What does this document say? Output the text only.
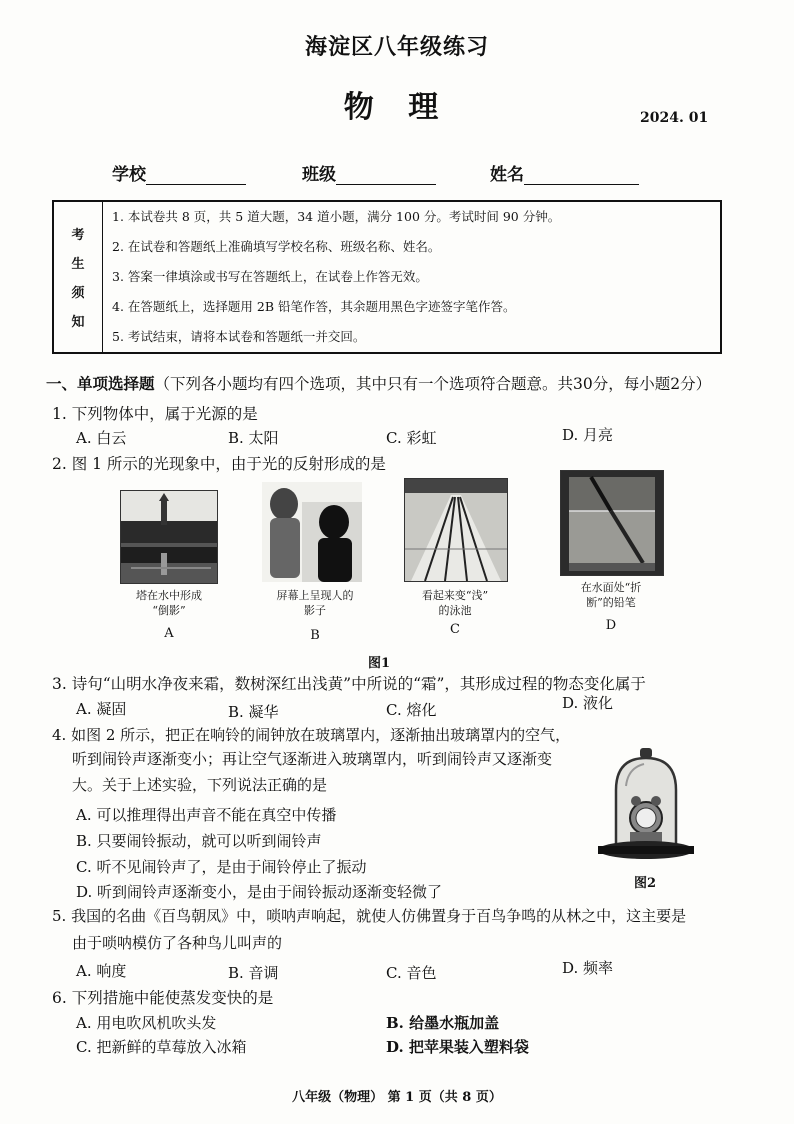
海淀区八年级练习
物 理	2024. 01
学校	班级	姓名
考
生
须
知
1. 本试卷共 8 页，共 5 道大题，34 道小题，满分 100 分。考试时间 90 分钟。
2. 在试卷和答题纸上准确填写学校名称、班级名称、姓名。
3. 答案一律填涂或书写在答题纸上，在试卷上作答无效。
4. 在答题纸上，选择题用 2B 铅笔作答，其余题用黑色字迹签字笔作答。
5. 考试结束，请将本试卷和答题纸一并交回。
一、单项选择题（下列各小题均有四个选项，其中只有一个选项符合题意。共30分，每小题2分）
1. 下列物体中，属于光源的是
A. 白云	B. 太阳	C. 彩虹	D. 月亮
2. 图 1 所示的光现象中，由于光的反射形成的是
塔在水中形成
“倒影”
A
屏幕上呈现人的
影子
B
看起来变“浅”
的泳池
C
在水面处“折
断”的铅笔
D
图1
3. 诗句“山明水净夜来霜，数树深红出浅黄”中所说的“霜”，其形成过程的物态变化属于
A. 凝固	B. 凝华	C. 熔化	D. 液化
4. 如图 2 所示，把正在响铃的闹钟放在玻璃罩内，逐渐抽出玻璃罩内的空气，
听到闹铃声逐渐变小；再让空气逐渐进入玻璃罩内，听到闹铃声又逐渐变
大。关于上述实验，下列说法正确的是
A. 可以推理得出声音不能在真空中传播
B. 只要闹铃振动，就可以听到闹铃声
C. 听不见闹铃声了，是由于闹铃停止了振动
D. 听到闹铃声逐渐变小，是由于闹铃振动逐渐变轻微了	图2
5. 我国的名曲《百鸟朝凤》中，唢呐声响起，就使人仿佛置身于百鸟争鸣的从林之中，这主要是
由于唢呐模仿了各种鸟儿叫声的
A. 响度	B. 音调	C. 音色	D. 频率
6. 下列措施中能使蒸发变快的是
A. 用电吹风机吹头发	B. 给墨水瓶加盖
C. 把新鲜的草莓放入冰箱	D. 把苹果装入塑料袋
八年级（物理） 第 1 页（共 8 页）
